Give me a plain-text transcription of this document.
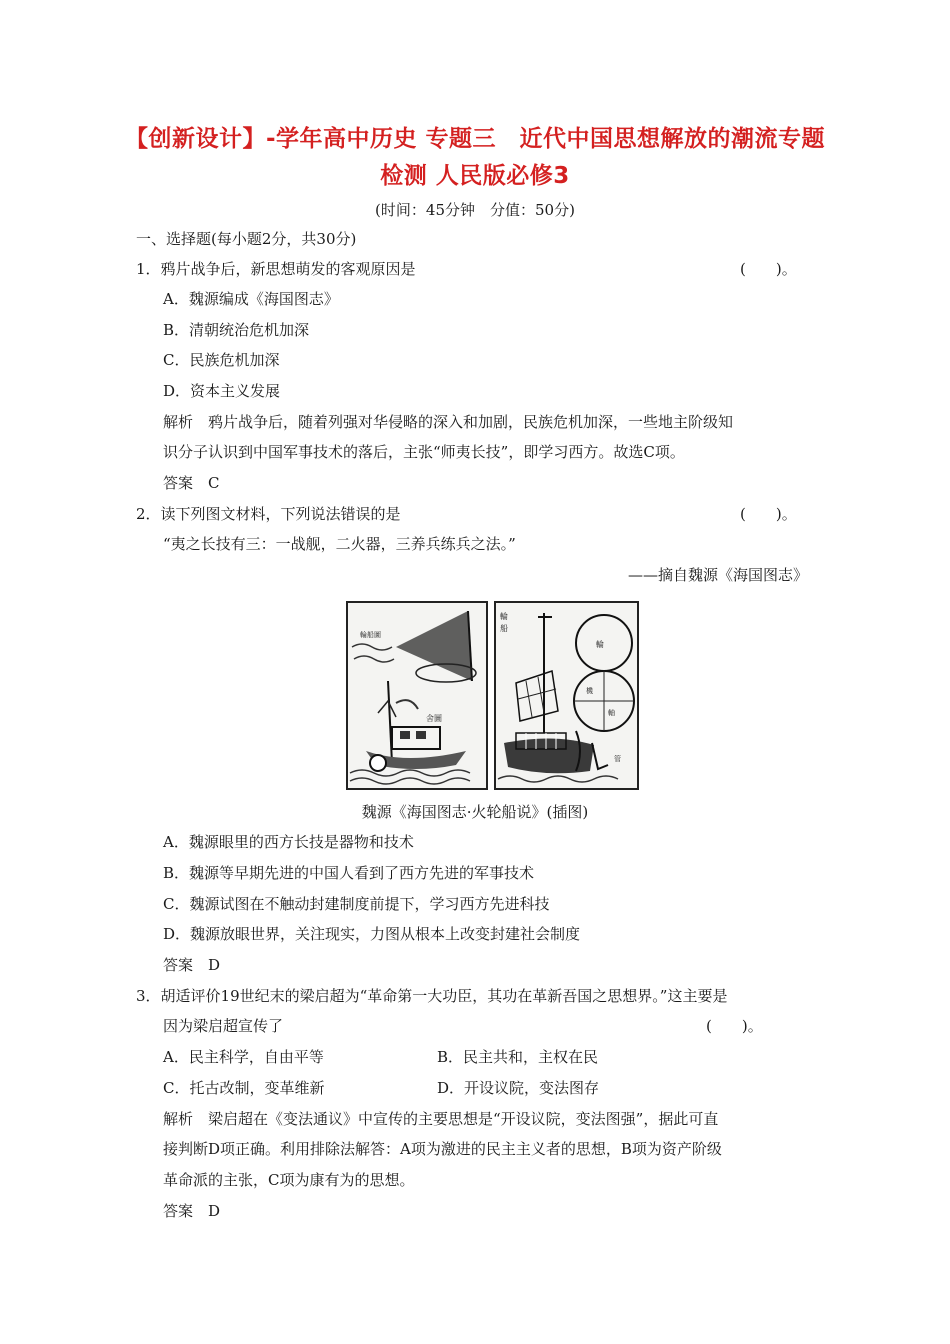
【创新设计】-学年高中历史 专题三　近代中国思想解放的潮流专题
检测 人民版必修3
(时间：45分钟　分值：50分)
一、选择题(每小题2分，共30分)
1．鸦片战争后，新思想萌发的客观原因是	(　　)。
A．魏源编成《海国图志》
B．清朝统治危机加深
C．民族危机加深
D．资本主义发展
解析　鸦片战争后，随着列强对华侵略的深入和加剧，民族危机加深，一些地主阶级知
识分子认识到中国军事技术的落后，主张“师夷长技”，即学习西方。故选C项。
答案　C
2．读下列图文材料，下列说法错误的是	(　　)。
“夷之长技有三：一战舰，二火器，三养兵练兵之法。”
——摘自魏源《海国图志》
輪船圖
舍圖
輪
船
輪
機
軸
管
魏源《海国图志·火轮船说》(插图)
A．魏源眼里的西方长技是器物和技术
B．魏源等早期先进的中国人看到了西方先进的军事技术
C．魏源试图在不触动封建制度前提下，学习西方先进科技
D．魏源放眼世界，关注现实，力图从根本上改变封建社会制度
答案　D
3．胡适评价19世纪末的梁启超为“革命第一大功臣，其功在革新吾国之思想界。”这主要是
因为梁启超宣传了	(　　)。
A．民主科学，自由平等	B．民主共和，主权在民
C．托古改制，变革维新	D．开设议院，变法图存
解析　梁启超在《变法通议》中宣传的主要思想是“开设议院，变法图强”，据此可直
接判断D项正确。利用排除法解答：A项为激进的民主主义者的思想，B项为资产阶级
革命派的主张，C项为康有为的思想。
答案　D
